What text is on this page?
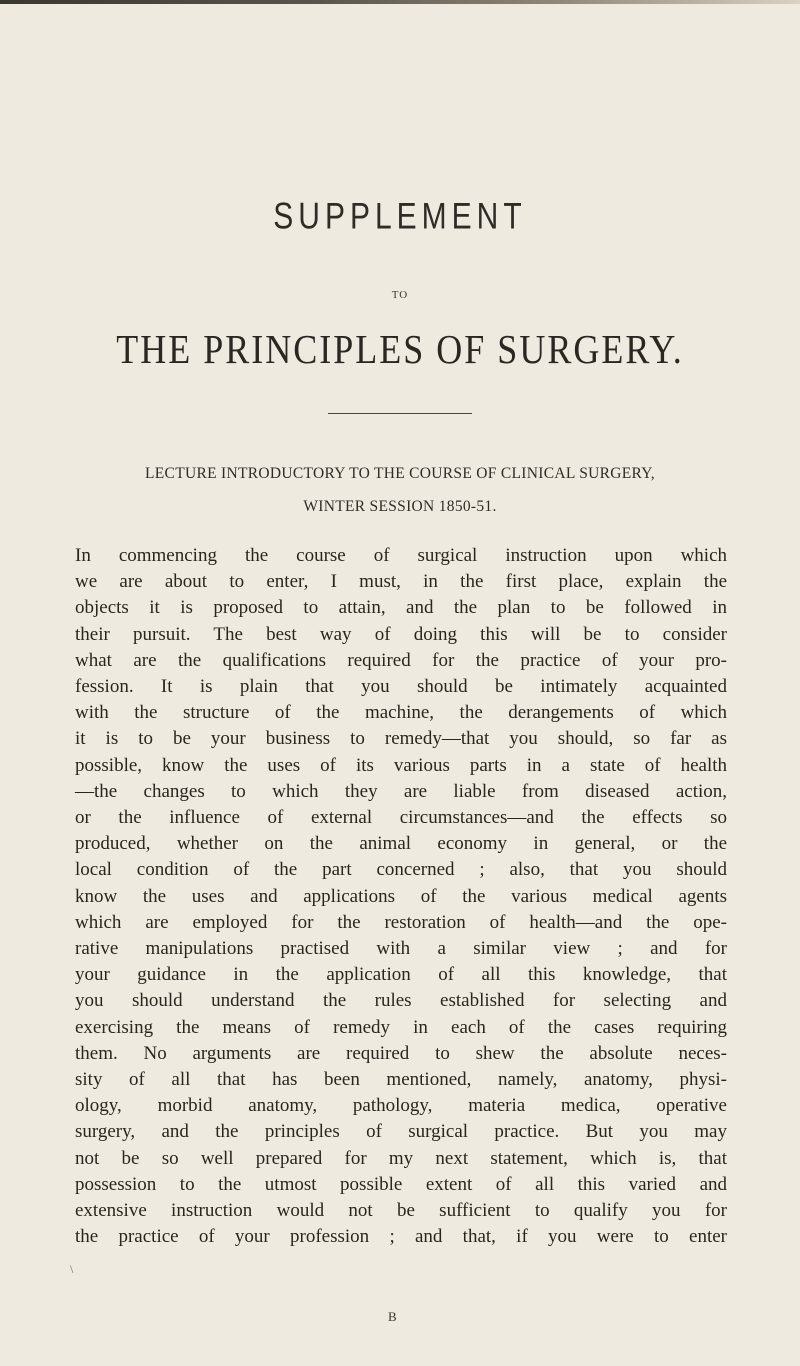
SUPPLEMENT
TO
THE PRINCIPLES OF SURGERY.
LECTURE INTRODUCTORY TO THE COURSE OF CLINICAL SURGERY,
WINTER SESSION 1850-51.
In commencing the course of surgical instruction upon which
we are about to enter, I must, in the first place, explain the
objects it is proposed to attain, and the plan to be followed in
their pursuit. The best way of doing this will be to consider
what are the qualifications required for the practice of your pro-
fession. It is plain that you should be intimately acquainted
with the structure of the machine, the derangements of which
it is to be your business to remedy—that you should, so far as
possible, know the uses of its various parts in a state of health
—the changes to which they are liable from diseased action,
or the influence of external circumstances—and the effects so
produced, whether on the animal economy in general, or the
local condition of the part concerned ; also, that you should
know the uses and applications of the various medical agents
which are employed for the restoration of health—and the ope-
rative manipulations practised with a similar view ; and for
your guidance in the application of all this knowledge, that
you should understand the rules established for selecting and
exercising the means of remedy in each of the cases requiring
them. No arguments are required to shew the absolute neces-
sity of all that has been mentioned, namely, anatomy, physi-
ology, morbid anatomy, pathology, materia medica, operative
surgery, and the principles of surgical practice. But you may
not be so well prepared for my next statement, which is, that
possession to the utmost possible extent of all this varied and
extensive instruction would not be sufficient to qualify you for
the practice of your profession ; and that, if you were to enter
\
B
